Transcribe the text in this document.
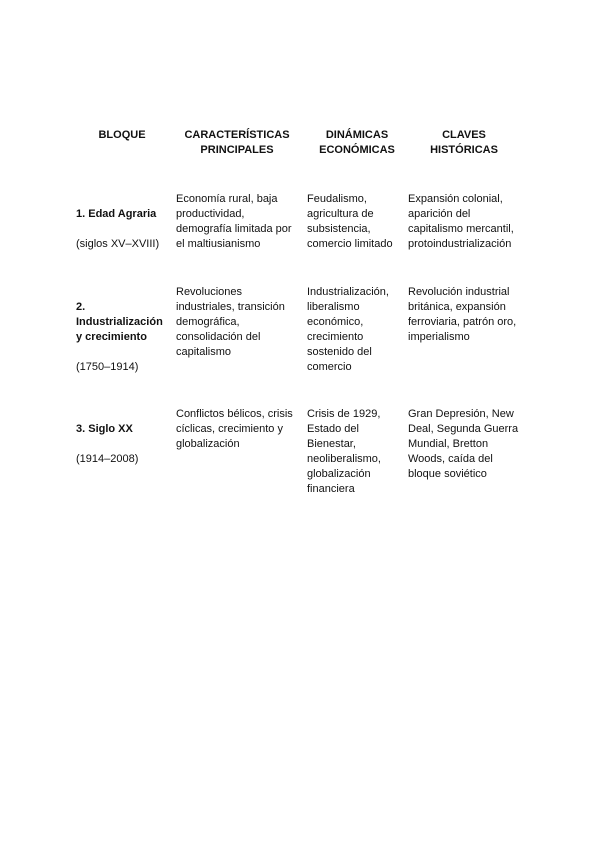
BLOQUE	CARACTERÍSTICAS
PRINCIPALES
DINÁMICAS
ECONÓMICAS
CLAVES
HISTÓRICAS

1. Edad Agraria

(siglos XV–XVIII)

Economía rural, baja
productividad,
demografía limitada por
el maltiusianismo
Feudalismo,
agricultura de
subsistencia,
comercio limitado
Expansión colonial,
aparición del
capitalismo mercantil,
protoindustrialización

2.
Industrialización
y crecimiento

(1750–1914)

Revoluciones
industriales, transición
demográfica,
consolidación del
capitalismo
Industrialización,
liberalismo
económico,
crecimiento
sostenido del
comercio
Revolución industrial
británica, expansión
ferroviaria, patrón oro,
imperialismo

3. Siglo XX

(1914–2008)

Conflictos bélicos, crisis
cíclicas, crecimiento y
globalización
Crisis de 1929,
Estado del
Bienestar,
neoliberalismo,
globalización
financiera
Gran Depresión, New
Deal, Segunda Guerra
Mundial, Bretton
Woods, caída del
bloque soviético
